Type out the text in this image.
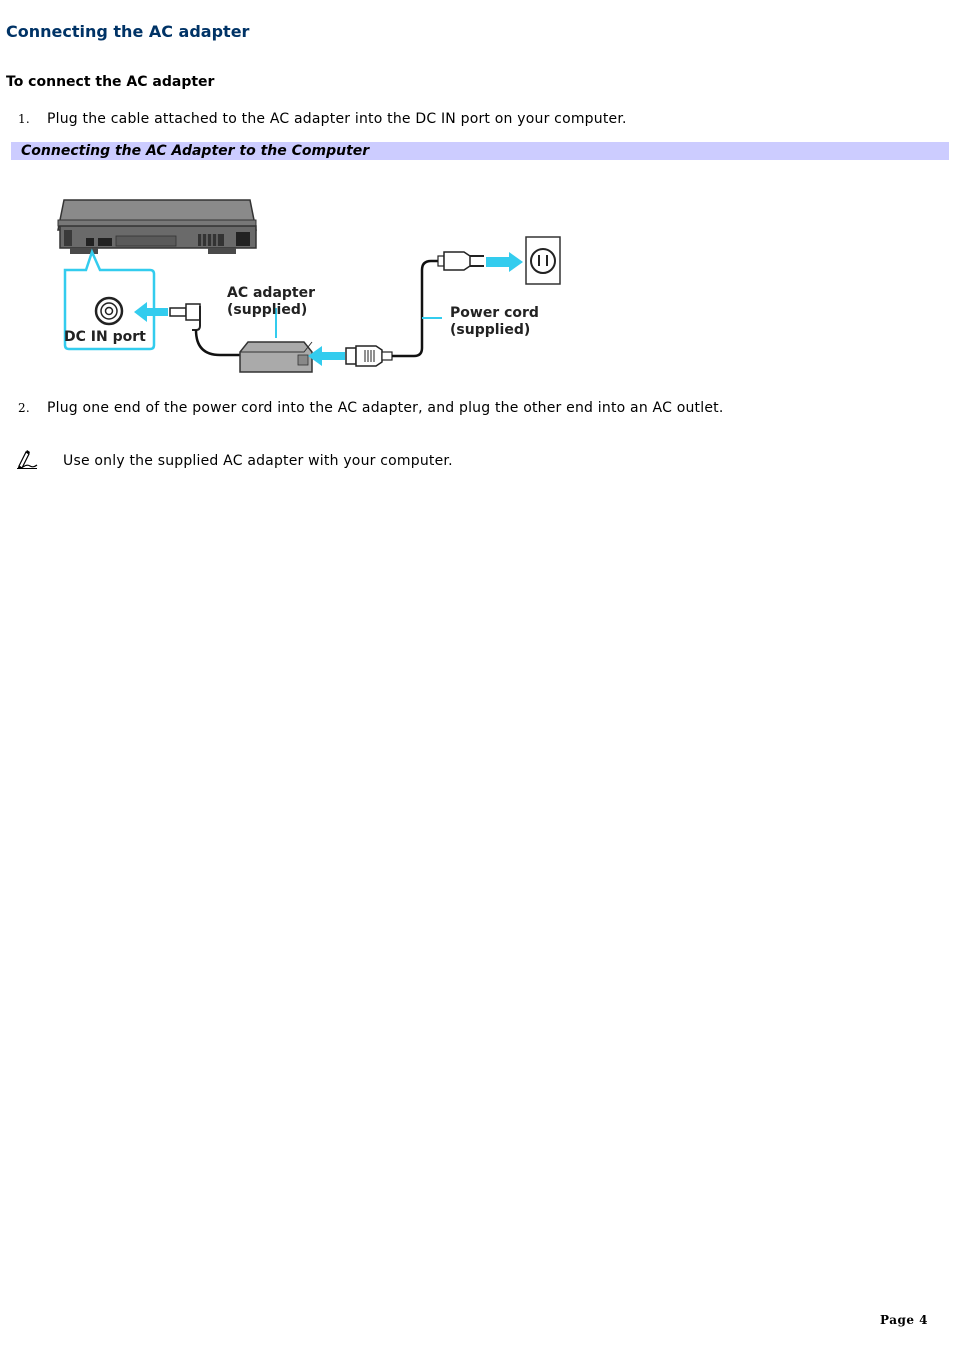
Connecting the AC adapter
To connect the AC adapter
1. Plug the cable attached to the AC adapter into the DC IN port on your computer.
Connecting the AC Adapter to the Computer
DC IN port
AC adapter
(supplied)	Power cord
(supplied)
2. Plug one end of the power cord into the AC adapter, and plug the other end into an AC outlet.
Use only the supplied AC adapter with your computer.
Page 4
